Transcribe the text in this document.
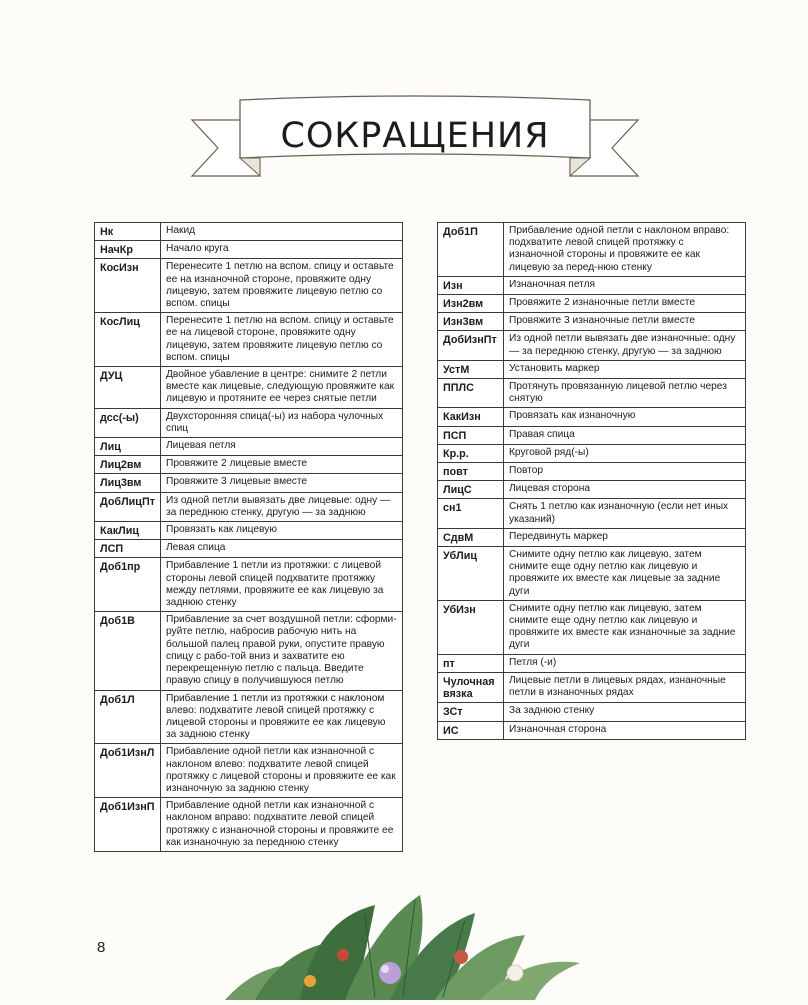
СОКРАЩЕНИЯ
Нк	Накид
НачКр	Начало круга
КосИзн	Перенесите 1 петлю на вспом. спицу и оставьте ее на изнаночной стороне, провяжите одну лицевую, затем провяжите лицевую петлю со вспом. спицы
КосЛиц	Перенесите 1 петлю на вспом. спицу и оставьте ее на лицевой стороне, провяжите одну лицевую, затем провяжите лицевую петлю со вспом. спицы
ДУЦ	Двойное убавление в центре: снимите 2 петли вместе как лицевые, следующую провяжите как лицевую и протяните ее через снятые петли
дсс(-ы)	Двухсторонняя спица(-ы) из набора чулочных спиц
Лиц	Лицевая петля
Лиц2вм	Провяжите 2 лицевые вместе
Лиц3вм	Провяжите 3 лицевые вместе
ДобЛицПт	Из одной петли вывязать две лицевые: одну — за переднюю стенку, другую — за заднюю
КакЛиц	Провязать как лицевую
ЛСП	Левая спица
Доб1пр	Прибавление 1 петли из протяжки: с лицевой стороны левой спицей подхватите протяжку между петлями, провяжите ее как лицевую за заднюю стенку
Доб1В	Прибавление за счет воздушной петли: сформи-руйте петлю, набросив рабочую нить на большой палец правой руки, опустите правую спицу с рабо-той вниз и захватите ею перекрещенную петлю с пальца. Введите правую спицу в получившуюся петлю
Доб1Л	Прибавление 1 петли из протяжки с наклоном влево: подхватите левой спицей протяжку с лицевой стороны и провяжите ее как лицевую за заднюю стенку
Доб1ИзнЛ	Прибавление одной петли как изнаночной с наклоном влево: подхватите левой спицей протяжку с лицевой стороны и провяжите ее как изнаночную за заднюю стенку
Доб1ИзнП	Прибавление одной петли как изнаночной с наклоном вправо: подхватите левой спицей протяжку с изнаночной стороны и провяжите ее как изнаночную за переднюю стенку
Доб1П	Прибавление одной петли с наклоном вправо: подхватите левой спицей протяжку с изнаночной стороны и провяжите ее как лицевую за перед-нюю стенку
Изн	Изнаночная петля
Изн2вм	Провяжите 2 изнаночные петли вместе
Изн3вм	Провяжите 3 изнаночные петли вместе
ДобИзнПт	Из одной петли вывязать две изнаночные: одну — за переднюю стенку, другую — за заднюю
УстМ	Установить маркер
ППЛС	Протянуть провязанную лицевой петлю через снятую
КакИзн	Провязать как изнаночную
ПСП	Правая спица
Кр.р.	Круговой ряд(-ы)
повт	Повтор
ЛицС	Лицевая сторона
сн1	Снять 1 петлю как изнаночную (если нет иных указаний)
СдвМ	Передвинуть маркер
УбЛиц	Снимите одну петлю как лицевую, затем снимите еще одну петлю как лицевую и провяжите их вместе как лицевые за задние дуги
УбИзн	Снимите одну петлю как лицевую, затем снимите еще одну петлю как лицевую и провяжите их вместе как изнаночные за задние дуги
пт	Петля (-и)
Чулочная вязка	Лицевые петли в лицевых рядах, изнаночные петли в изнаночных рядах
ЗСт	За заднюю стенку
ИС	Изнаночная сторона
8
